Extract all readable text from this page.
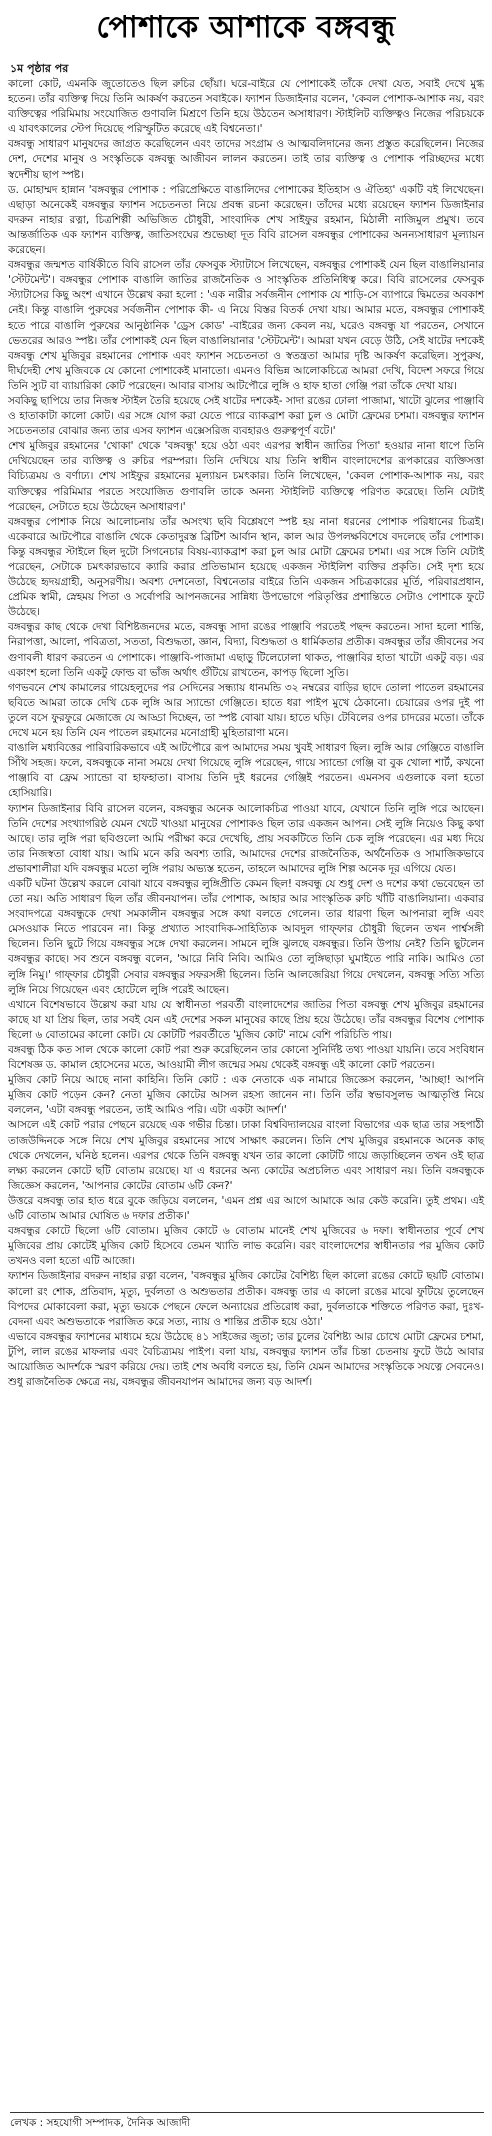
পোশাকে আশাকে বঙ্গবন্ধু
১ম পৃষ্ঠার পর

কালো কোট, এমনকি জুতোতেও ছিল রুচির ছোঁয়া। ঘরে-বাইরে যে পোশাকেই তাঁকে দেখা যেত, সবাই দেখে মুগ্ধ হতেন। তাঁর ব্যক্তিত্ব দিয়ে তিনি আকর্ষণ করতেন সবাইকে। ফ্যাশন ডিজাইনার বলেন, 'কেবল পোশাক-আশাক নয়, বরং ব্যক্তিত্বের পরিমিমায় সংযোজিত গুণাবলি মিশ্রণে তিনি হয়ে উঠতেন অসাধারণ। স্টাইলিট ব্যক্তিত্বও নিজের পরিচয়কে এ যাবৎকালের স্টেপ দিয়েছে পরিস্ফুটিত করেছে এই বিশ্বনেতা।'

বঙ্গবন্ধু সাধারণ মানুষদের জাগ্রত করেছিলেন এবং তাদের সংগ্রাম ও আত্মবলিদানের জন্য প্রস্তুত করেছিলেন। নিজের দেশ, দেশের মানুষ ও সংস্কৃতিকে বঙ্গবন্ধু আজীবন লালন করতেন। তাই তার ব্যক্তিত্ব ও পোশাক পরিচ্ছদের মধ্যে স্বদেশীয় ছাপ স্পষ্ট।

ড. মোহাম্মদ হান্নান 'বঙ্গবন্ধুর পোশাক : পরিপ্রেক্ষিতে বাঙালিদের পোশাকের ইতিহাস ও ঐতিহ্য' একটি বই লিখেছেন। এছাড়া অনেকেই বঙ্গবন্ধুর ফ্যাশন সচেতনতা নিয়ে প্রবন্ধ রচনা করেছেন। তাঁদের মধ্যে রয়েছেন ফ্যাশন ডিজাইনার বদরুন নাহার রত্না, চিত্রশিল্পী অভিজিত চৌধুরী, সাংবাদিক শেখ সাইফুর রহমান, মিঠালী নাজিমুল প্রমুখ। তবে আন্তর্জাতিক এক ফ্যাশন ব্যক্তিত্ব, জাতিসংঘের শুভেচ্ছা দূত বিবি রাসেল বঙ্গবন্ধুর পোশাকের অনন্যসাধারণ মূল্যায়ন করেছেন।

বঙ্গবন্ধুর জন্মশত বার্ষিকীতে বিবি রাসেল তাঁর ফেসবুক স্ট্যাটাসে লিখেছেন, বঙ্গবন্ধুর পোশাকই যেন ছিল বাঙালিয়ানার 'স্টেটমেন্ট'। বঙ্গবন্ধুর পোশাক বাঙালি জাতির রাজনৈতিক ও সাংস্কৃতিক প্রতিনিধিত্ব করে। বিবি রাসেলের ফেসবুক স্ট্যাটাসের কিছু অংশ এখানে উল্লেখ করা হলো : 'এক নারীর সর্বজনীন পোশাক যে শাড়ি-সে ব্যাপারে দ্বিমতের অবকাশ নেই। কিন্তু বাঙালি পুরুষের সর্বজনীন পোশাক কী- এ নিয়ে বিস্তর বিতর্ক দেখা যায়। আমার মতে, বঙ্গবন্ধুর পোশাকই হতে পারে বাঙালি পুরুষের আনুষ্ঠানিক 'ড্রেস কোড' -বাইরের জন্য কেবল নয়, ঘরেও বঙ্গবন্ধু যা পরতেন, সেখানে ভেতরের আরও স্পষ্ট। তাঁর পোশাকই যেন ছিল বাঙালিয়ানার 'স্টেটমেন্ট'। আমরা যখন বেড়ে উঠি, সেই ষাটের দশকেই বঙ্গবন্ধু শেখ মুজিবুর রহমানের পোশাক এবং ফ্যাশন সচেতনতা ও স্বতন্ত্রতা আমার দৃষ্টি আকর্ষণ করেছিল। সুপুরুষ, দীর্ঘদেহী শেখ মুজিবকে যে কোনো পোশাকেই মানাতো। এমনও বিভিন্ন আলোকচিত্রে আমরা দেখি, বিদেশ সফরে গিয়ে তিনি স্যুট বা ব্যায়ারিকা কোট পরেছেন। আবার বাসায় আটপৌরে লুঙ্গি ও হাফ হাতা গেঞ্জি পরা তাঁকে দেখা যায়।

সবকিছু ছাপিয়ে তার নিজস্ব স্টাইল তৈরি হয়েছে সেই ষাটের দশকেই- সাদা রঙের ঢোলা পাজামা, খাটো ঝুলের পাঞ্জাবি ও হাতাকাটা কালো কোট। এর সঙ্গে যোগ করা যেতে পারে ব্যাকব্রাশ করা চুল ও মোটা ফ্রেমের চশমা। বঙ্গবন্ধুর ফ্যাশন সচেতনতার বোঝার জন্য তার এসব ফ্যাশন এক্সেসরিজ ব্যবহারও গুরুত্বপূর্ণ বটে।'

শেখ মুজিবুর রহমানের 'খোকা' থেকে 'বঙ্গবন্ধু' হয়ে ওঠা এবং এরপর স্বাধীন জাতির পিতা' হওয়ার নানা ধাপে তিনি দেখিয়েছেন তার ব্যক্তিত্ব ও রুচির পরম্পরা। তিনি দেখিয়ে যায় তিনি স্বাধীন বাংলাদেশের রূপকারের ব্যক্তিসত্তা বিচ্যিত্রময় ও বর্ণাঢ্য। শেখ সাইফুর রহমানের মূল্যায়ন চমৎকার। তিনি লিখেছেন, 'কেবল পোশাক-আশাক নয়, বরং ব্যক্তিত্বের পরিমিমার পরতে সংযোজিত গুণাবলি তাকে অনন্য স্টাইলিট ব্যক্তিত্বে পরিণত করেছে। তিনি যেটাই পরেছেন, সেটাতে হয়ে উঠেছেন অসাধারণ।'

বঙ্গবন্ধুর পোশাক নিয়ে আলোচনায় তাঁর অসংখ্য ছবি বিশ্লেষণে স্পষ্ট হয় নানা ধরনের পোশাক পরিধানের চিত্রই। একেবারে আটপৌরে বাঙালি থেকে কেতাদুরস্ত ব্রিটিশ আর্বান স্থান, কাল আর উপলক্ষবিশেষে বদলেছে তাঁর পোশাক। কিন্তু বঙ্গবন্ধুর স্টাইলে ছিল দুটো সিগনেচার বিষয়-ব্যাকব্রাশ করা চুল আর মোটা ফ্রেমের চশমা। এর সঙ্গে তিনি যেটাই পরেছেন, সেটাকে চমৎকারভাবে ক্যারি করার প্রতিভামান হয়েছে একজন স্টাইলিশ ব্যক্তির প্রকৃতি। সেই দৃশ্য হয়ে উঠেছে হৃদয়গ্রাহী, অনুসরণীয়। অবশ্য দেশনেতা, বিশ্বনেতার বাইরে তিনি একজন সচিত্রকারের মূর্তি, পরিবারপ্রধান, প্রেমিক স্বামী, স্নেহময় পিতা ও সর্বোপরি আপনজনের সান্নিধ্য উপভোগে পরিতৃপ্তির প্রশান্তিতে সেটাও পোশাকে ফুটে উঠেছে।

বঙ্গবন্ধুর কাছ থেকে দেখা বিশিষ্টজনদের মতে, বঙ্গবন্ধু সাদা রঙের পাঞ্জাবি পরতেই পছন্দ করতেন। সাদা হলো শান্তি, নিরাপত্তা, আলো, পবিত্রতা, সততা, বিশুদ্ধতা, জ্ঞান, বিদ্যা, বিশুদ্ধতা ও ধার্মিকতার প্রতীক। বঙ্গবন্ধুর তাঁর জীবনের সব গুণাবলী ধারণ করতেন এ পোশাকে। পাঞ্জাবি-পাজামা এছাড়ু টিলেঢোলা থাকত, পাঞ্জাবির হাতা খাটো একটু বড়। এর একাংশ হলো তিনি একটু ফোল্ড বা ভাঁজ অর্থাৎ গুঁটিয়ে রাখতেন, কাপড় ছিলো সুতি।

গণভবনে শেখ কামালের গায়েহলুদের পর সেদিনের সন্ধ্যায় ধানমন্ডি ৩২ নম্বরের বাড়ির ছাদে তোলা পাতেল রহমানের ছবিতে আমরা তাকে দেখি চেক লুঙ্গি আর স্যান্ডো গেঞ্জিতে। হাতে ধরা পাইপ মুখে ঠেকানো। চেয়ারের ওপর দুই পা তুলে বসে ফুরফুরে মেজাজে যে আড্ডা দিচ্ছেন, তা স্পষ্ট বোঝা যায়। হাতে ঘড়ি। টেবিলের ওপর চাদরের মতো। তাঁকে দেখে মনে হয় তিনি যেন পাতেল রহমানের মনোগ্রাহী মুহিতারাণা মনে।

বাঙালি মধ্যবিত্তের পারিবারিকভাবে এই আটপৌরে রূপ আমাদের সময় খুবই সাধারণ ছিল। লুঙ্গি আর গেঞ্জিতে বাঙালি সিঁথি সহজ। ফলে, বঙ্গবন্ধুকে নানা সময়ে দেখা গিয়েছে লুঙ্গি পরেছেন, গায়ে স্যান্ডো গেঞ্জি বা বুক খোলা শার্ট, কখনো পাঞ্জাবি বা ফ্রেম স্যান্ডো বা হাফহাতা। বাসায় তিনি দুই ধরনের গেঞ্জিই পরতেন। এমনসব এগুলাকে বলা হতো হোসিয়ারি।

ফ্যাশন ডিজাইনার বিবি রাসেল বলেন, বঙ্গবন্ধুর অনেক আলোকচিত্র পাওয়া যাবে, যেখানে তিনি লুঙ্গি পরে আছেন। তিনি দেশের সংখ্যাগরিষ্ঠ যেমন খেটে খাওয়া মানুষের পোশাকও ছিল তার একজন আপন। সেই লুঙ্গি নিয়েও কিছু কথা আছে। তার লুঙ্গি পরা ছবিগুলো আমি পরীক্ষা করে দেখেছি, প্রায় সবকটিতে তিনি চেক লুঙ্গি পরেছেন। এর মধ্য দিয়ে তার নিজস্বতা বোধা যায়। আমি মনে করি অবশ্য তারি, আমাদের দেশের রাজনৈতিক, অর্থনৈতিক ও সামাজিকভাবে প্রভাবশালীরা যদি বঙ্গবন্ধুর মতো লুঙ্গি পরায় অভ্যস্ত হতেন, তাহলে আমাদের লুঙ্গি শিল্প অনেক দূর এগিয়ে যেত।

একটি ঘটনা উল্লেখ করলে বোঝা যাবে বঙ্গবন্ধুর লুঙ্গিপ্রীতি কেমন ছিল! বঙ্গবন্ধু যে শুধু দেশ ও দশের কথা ভেবেছেন তা তো নয়। অতি সাধারণ ছিল তাঁর জীবনযাপন। তাঁর পোশাক, আহার আর সাংস্কৃতিক রুচি খাঁটি বাঙালিয়ানা। একবার সংবাদপত্রে বঙ্গবন্ধুকে দেখা সমকালীন বঙ্গবন্ধুর সঙ্গে কথা বলতে গেলেন। তার ধারণা ছিল আপনারা লুঙ্গি এবং মেসওয়াক নিতে পারবেন না। কিন্তু প্রখ্যাত সাংবাদিক-সাহিত্যিক আবদুল গাফ্ফার চৌধুরী ছিলেন তখন পার্শ্বসঙ্গী ছিলেন। তিনি ছুটে গিয়ে বঙ্গবন্ধুর সঙ্গে দেখা করলেন। সামনে লুঙ্গি ঝুলছে বঙ্গবন্ধুর। তিনি উপায় নেই? তিনি ছুটলেন বঙ্গবন্ধুর কাছে। সব শুনে বঙ্গবন্ধু বলেন, 'আরে নিবি নিবি। আমিও তো লুঙ্গিছাড়া ঘুমাইতে পারি নাকি। আমিও তো লুঙ্গি নিমু।' গাফ্ফার চৌধুরী সেবার বঙ্গবন্ধুর সফরসঙ্গী ছিলেন। তিনি আলজেরিয়া গিয়ে দেখলেন, বঙ্গবন্ধু সত্যি সত্যি লুঙ্গি নিয়ে গিয়েছেন এবং হোটেলে লুঙ্গি পরেই আছেন।

এখানে বিশেষভাবে উল্লেখ করা যায় যে স্বাধীনতা পরবর্তী বাংলাদেশের জাতির পিতা বঙ্গবন্ধু শেখ মুজিবুর রহমানের কাছে যা যা প্রিয় ছিল, তার সবই যেন এই দেশের সকল মানুষের কাছে প্রিয় হয়ে উঠেছে। তাঁর বঙ্গবন্ধুর বিশেষ পোশাক ছিলো ৬ বোতামের কালো কোট। যে কোটটি পরবর্তীতে 'মুজিব কোট' নামে বেশি পরিচিতি পায়।

বঙ্গবন্ধু ঠিক কত সাল থেকে কালো কোট পরা শুরু করেছিলেন তার কোনো সুনির্দিষ্ট তথ্য পাওয়া যায়নি। তবে সংবিধান বিশেষজ্ঞ ড. কামাল হোসেনের মতে, আওয়ামী লীগ জন্মের সময় থেকেই বঙ্গবন্ধু এই কালো কোট পরতেন।

মুজিব কোট নিয়ে আছে নানা কাহিনি। তিনি কোট : এক নেতাকে এক নামারে জিজ্ঞেস করলেন, 'আচ্ছা! আপনি মুজিব কোট পড়েন কেন? নেতা মুজিব কোটের আসল রহস্য জানেন না। তিনি তাঁর স্বভাবসুলভ আত্মতৃপ্তি নিয়ে বললেন, 'এটা বঙ্গবন্ধু পরতেন, তাই আমিও পরি। এটা একটা আদর্শ।'

আসলে এই কোট পরার পেছনে রয়েছে এক গভীর চিন্তা। ঢাকা বিশ্ববিদ্যালয়ের বাংলা বিভাগের এক ছাত্র তার সহপাঠী তাজউদ্দিনকে সঙ্গে নিয়ে শেখ মুজিবুর রহমানের সাথে সাক্ষাৎ করলেন। তিনি শেখ মুজিবুর রহমানকে অনেক কাছ থেকে দেখলেন, ঘনিষ্ঠ হলেন। এরপর থেকে তিনি বঙ্গবন্ধু যখন তার কালো কোটটি গায়ে জড়াচ্ছিলেন তখন ওই ছাত্র লক্ষ্য করলেন কোটে ছটি বোতাম রয়েছে। যা এ ধরনের অন্য কোটের অপ্রচলিত এবং সাধারণ নয়। তিনি বঙ্গবন্ধুকে জিজ্ঞেস করলেন, 'আপনার কোটের বোতাম ৬টি কেন?'

উত্তরে বঙ্গবন্ধু তার হাত ধরে বুকে জড়িয়ে বললেন, 'এমন প্রশ্ন এর আগে আমাকে আর কেউ করেনি। তুই প্রথম। এই ৬টি বোতাম আমার ঘোষিত ৬ দফার প্রতীক।'

বঙ্গবন্ধুর কোটে ছিলো ৬টি বোতাম। মুজিব কোটে ৬ বোতাম মানেই শেখ মুজিবের ৬ দফা। স্বাধীনতার পূর্বে শেখ মুজিবের প্রায় কোটেই মুজিব কোট হিসেবে তেমন খ্যাতি লাভ করেনি। বরং বাংলাদেশের স্বাধীনতার পর মুজিব কোট তখনও বলা হতো এটি আজো।

ফ্যাশন ডিজাইনার বদরুন নাহার রত্না বলেন, 'বঙ্গবন্ধুর মুজিব কোটের বৈশিষ্ট্য ছিল কালো রঙের কোটে ছয়টি বোতাম। কালো রং শোক, প্রতিবাদ, মৃত্যু, দুর্বলতা ও অশুভতার প্রতীক। বঙ্গবন্ধু তার এ কালো রঙের মাঝে ফুটিয়ে তুলেছেন বিপদের মোকাবেলা করা, মৃত্যু ভয়কে পেছনে ফেলে অন্যায়ের প্রতিরোধ করা, দুর্বলতাকে শক্তিতে পরিণত করা, দুঃখ-বেদনা এবং অশুভতাকে পরাজিত করে সত্য, ন্যায় ও শান্তির প্রতীক হয়ে ওঠা।'

এভাবে বঙ্গবন্ধুর ফ্যাশনের মাধ্যমে হয়ে উঠেছে ৪১ সাইজের জুতা; তার চুলের বৈশিষ্ট্য আর চোখে মোটা ফ্রেমের চশমা, টুপি, লাল রঙের মাফলার এবং বৈচিত্র্যময় পাইপ। বলা যায়, বঙ্গবন্ধুর ফ্যাশন তাঁর চিন্তা চেতনায় ফুটে উঠে আবার আয়োজিত আদর্শকে স্মরণ করিয়ে দেয়। তাই শেষ অবধি বলতে হয়, তিনি যেমন আমাদের সংস্কৃতিকে সযত্নে সেবনেও। শুধু রাজনৈতিক ক্ষেত্রে নয়, বঙ্গবন্ধুর জীবনযাপন আমাদের জন্য বড় আদর্শ।

লেখক : সহযোগী সম্পাদক, দৈনিক আজাদী
